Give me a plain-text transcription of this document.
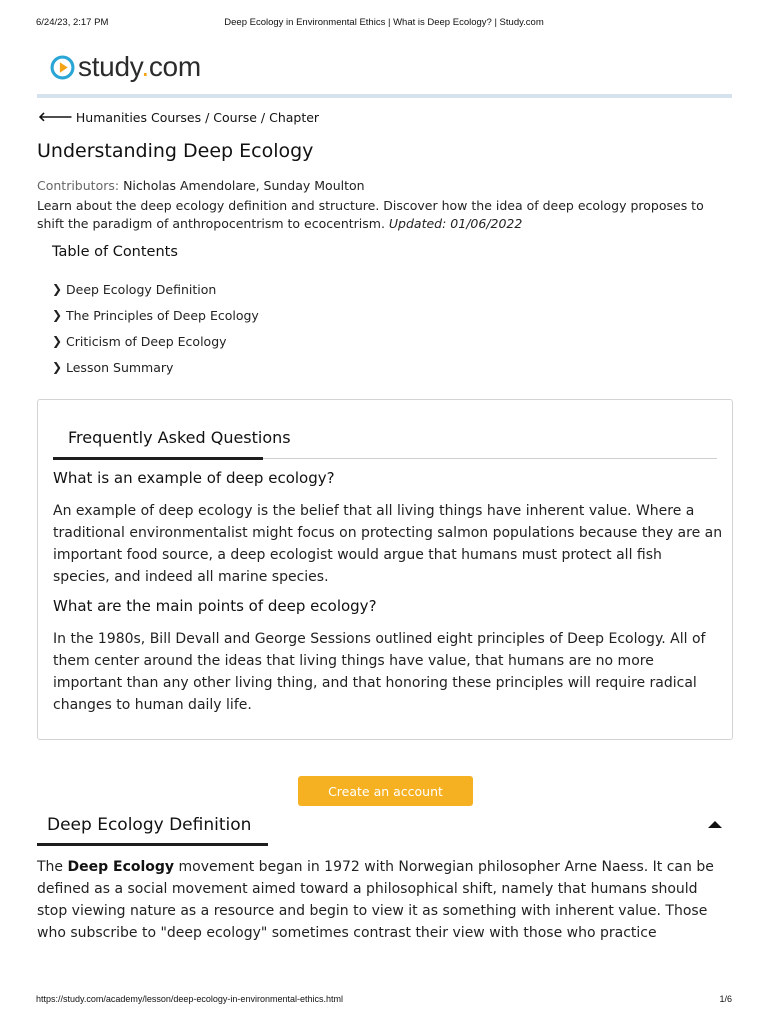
6/24/23, 2:17 PM	Deep Ecology in Environmental Ethics | What is Deep Ecology? | Study.com
study.com
🡐 Humanities Courses / Course / Chapter
Understanding Deep Ecology
Contributors: Nicholas Amendolare, Sunday Moulton
Learn about the deep ecology definition and structure. Discover how the idea of deep ecology proposes to shift the paradigm of anthropocentrism to ecocentrism. Updated: 01/06/2022
Table of Contents
❯ Deep Ecology Definition
❯ The Principles of Deep Ecology
❯ Criticism of Deep Ecology
❯ Lesson Summary
Frequently Asked Questions
What is an example of deep ecology?
An example of deep ecology is the belief that all living things have inherent value. Where a traditional environmentalist might focus on protecting salmon populations because they are an important food source, a deep ecologist would argue that humans must protect all fish species, and indeed all marine species.
What are the main points of deep ecology?
In the 1980s, Bill Devall and George Sessions outlined eight principles of Deep Ecology. All of them center around the ideas that living things have value, that humans are no more important than any other living thing, and that honoring these principles will require radical changes to human daily life.
Create an account
Deep Ecology Definition
The Deep Ecology movement began in 1972 with Norwegian philosopher Arne Naess. It can be defined as a social movement aimed toward a philosophical shift, namely that humans should stop viewing nature as a resource and begin to view it as something with inherent value. Those who subscribe to "deep ecology" sometimes contrast their view with those who practice
https://study.com/academy/lesson/deep-ecology-in-environmental-ethics.html	1/6
